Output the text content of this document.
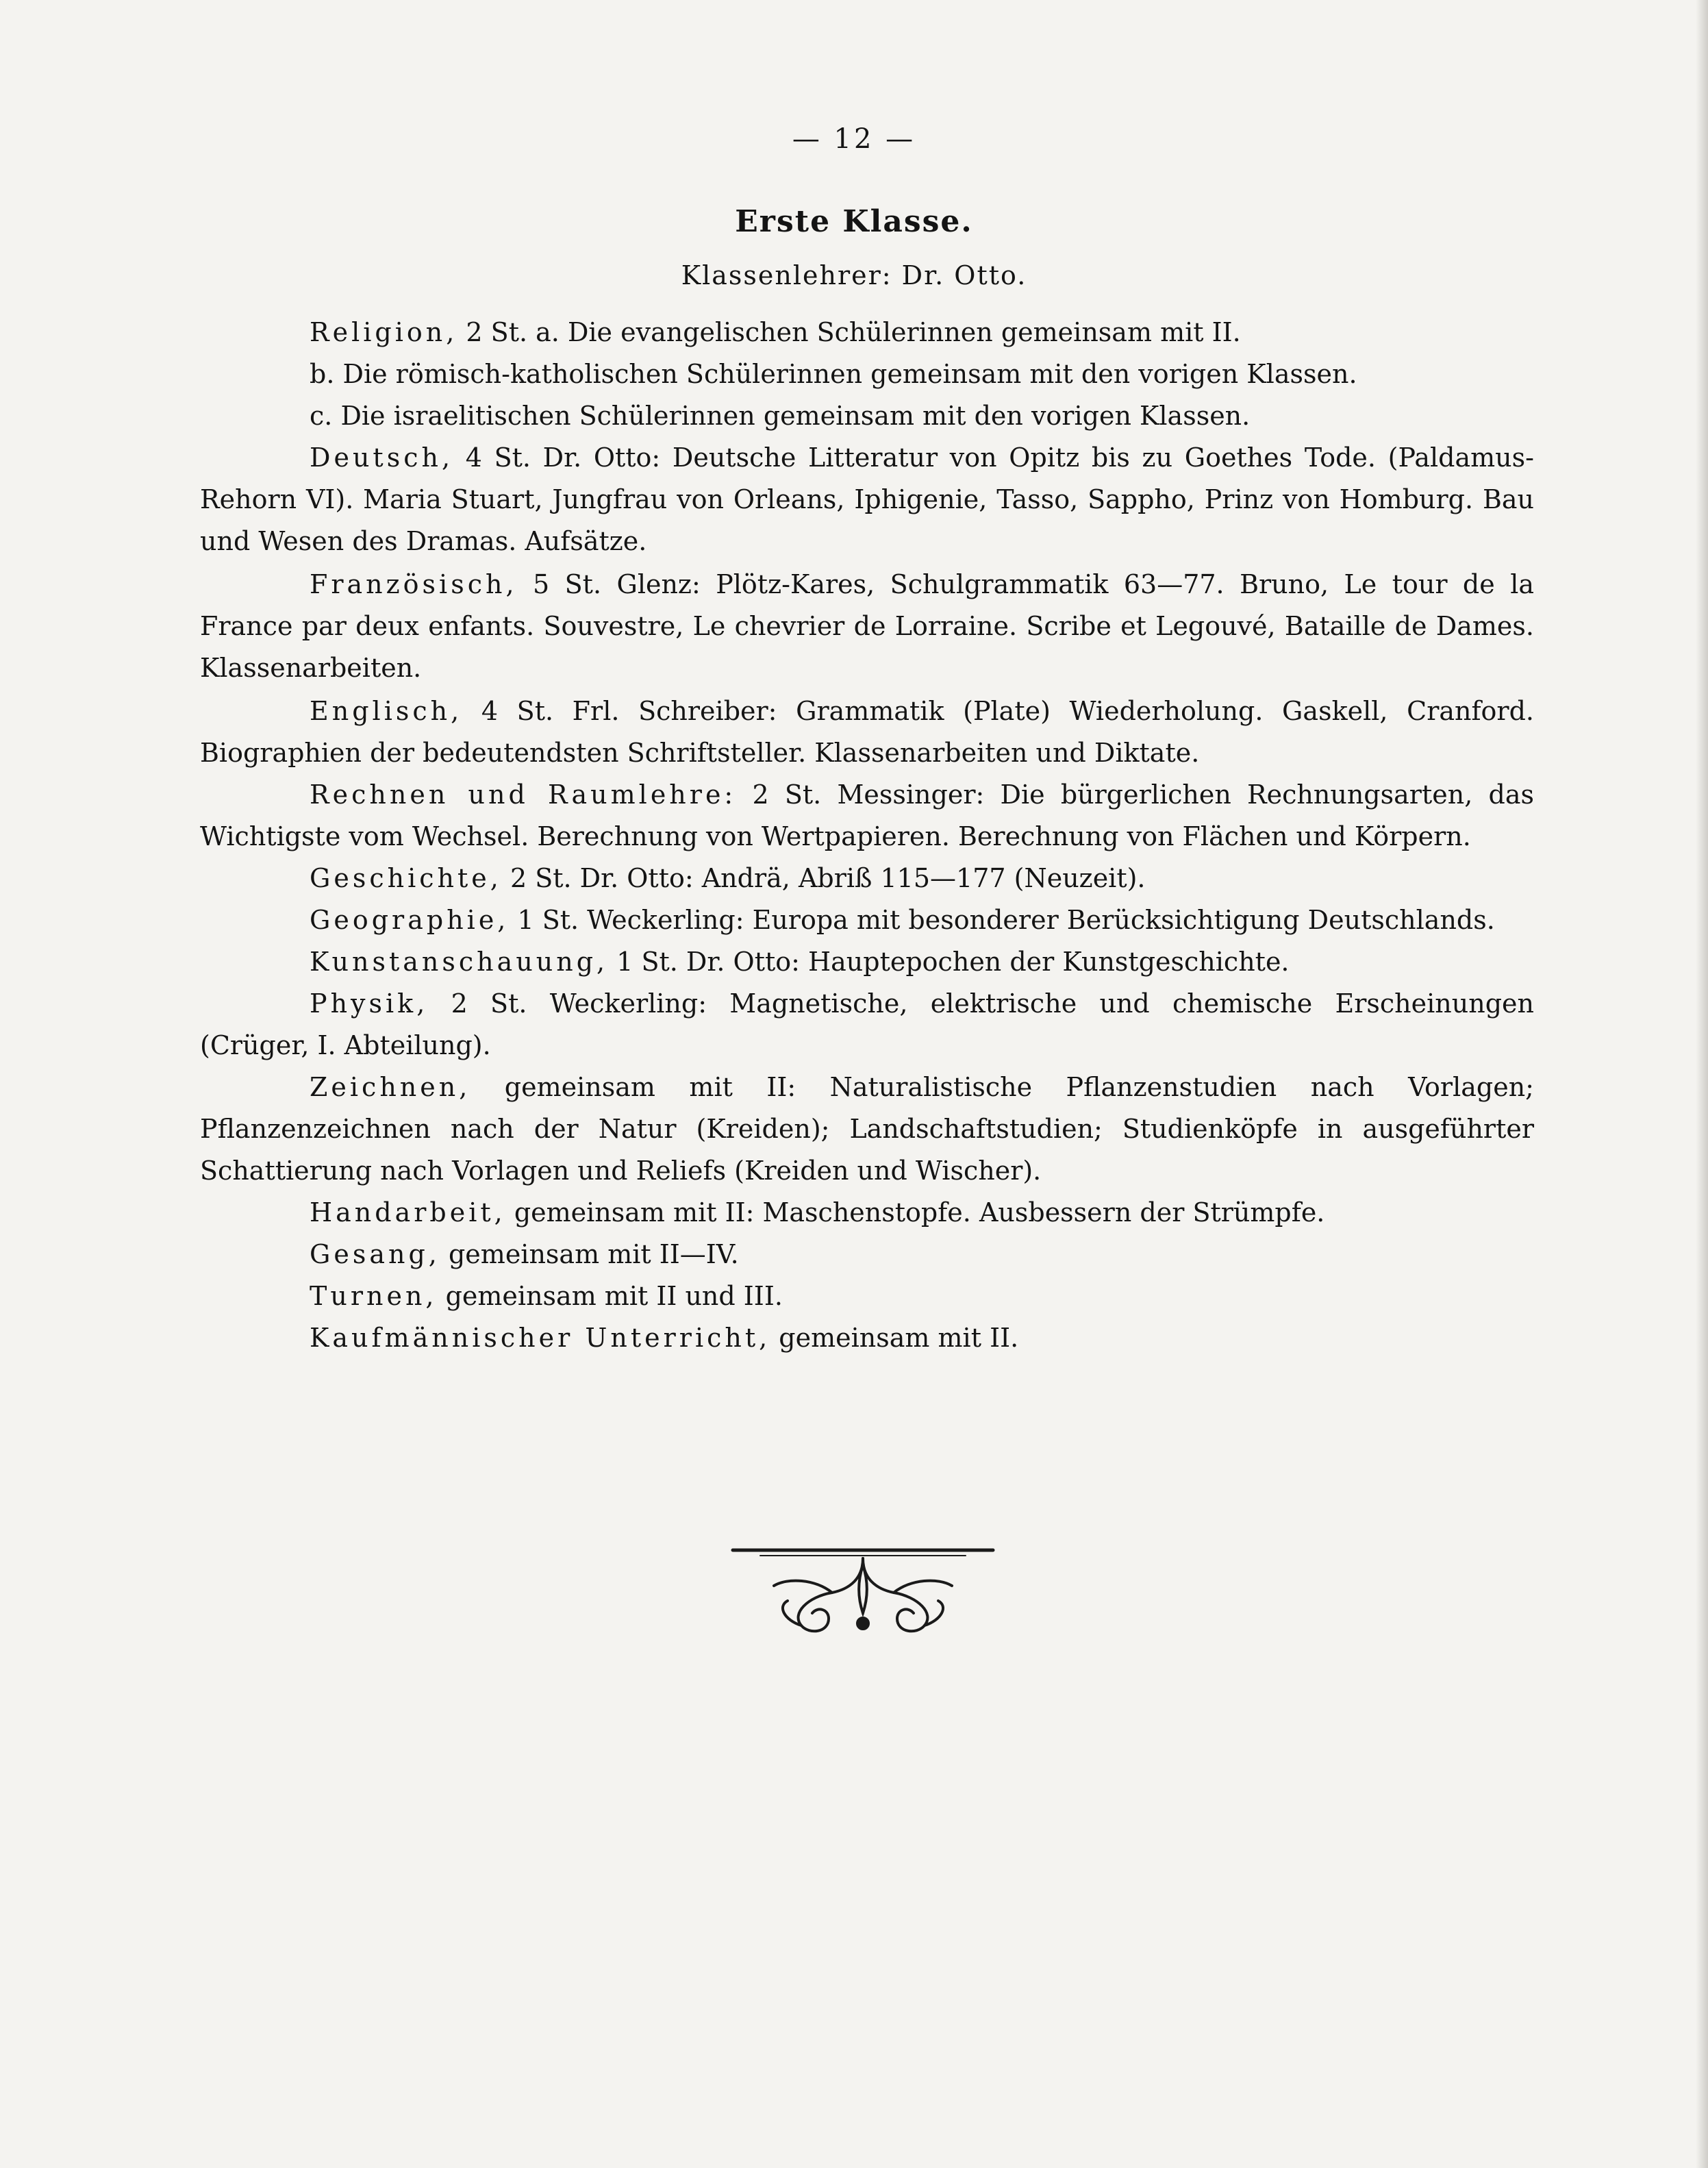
— 12 —
Erste Klasse.
Klassenlehrer: Dr. Otto.
Religion, 2 St. a. Die evangelischen Schülerinnen gemeinsam mit II.
b. Die römisch-katholischen Schülerinnen gemeinsam mit den vorigen Klassen.
c. Die israelitischen Schülerinnen gemeinsam mit den vorigen Klassen.
Deutsch, 4 St. Dr. Otto: Deutsche Litteratur von Opitz bis zu Goethes Tode. (Paldamus-Rehorn VI). Maria Stuart, Jungfrau von Orleans, Iphigenie, Tasso, Sappho, Prinz von Homburg. Bau und Wesen des Dramas. Aufsätze.
Französisch, 5 St. Glenz: Plötz-Kares, Schulgrammatik 63—77. Bruno, Le tour de la France par deux enfants. Souvestre, Le chevrier de Lorraine. Scribe et Legouvé, Bataille de Dames. Klassenarbeiten.
Englisch, 4 St. Frl. Schreiber: Grammatik (Plate) Wiederholung. Gaskell, Cranford. Biographien der bedeutendsten Schriftsteller. Klassenarbeiten und Diktate.
Rechnen und Raumlehre: 2 St. Messinger: Die bürgerlichen Rechnungsarten, das Wichtigste vom Wechsel. Berechnung von Wertpapieren. Berechnung von Flächen und Körpern.
Geschichte, 2 St. Dr. Otto: Andrä, Abriß 115—177 (Neuzeit).
Geographie, 1 St. Weckerling: Europa mit besonderer Berücksichtigung Deutschlands.
Kunstanschauung, 1 St. Dr. Otto: Hauptepochen der Kunstgeschichte.
Physik, 2 St. Weckerling: Magnetische, elektrische und chemische Erscheinungen (Crüger, I. Abteilung).
Zeichnen, gemeinsam mit II: Naturalistische Pflanzenstudien nach Vorlagen; Pflanzenzeichnen nach der Natur (Kreiden); Landschaftstudien; Studienköpfe in ausgeführter Schattierung nach Vorlagen und Reliefs (Kreiden und Wischer).
Handarbeit, gemeinsam mit II: Maschenstopfe. Ausbessern der Strümpfe.
Gesang, gemeinsam mit II—IV.
Turnen, gemeinsam mit II und III.
Kaufmännischer Unterricht, gemeinsam mit II.
